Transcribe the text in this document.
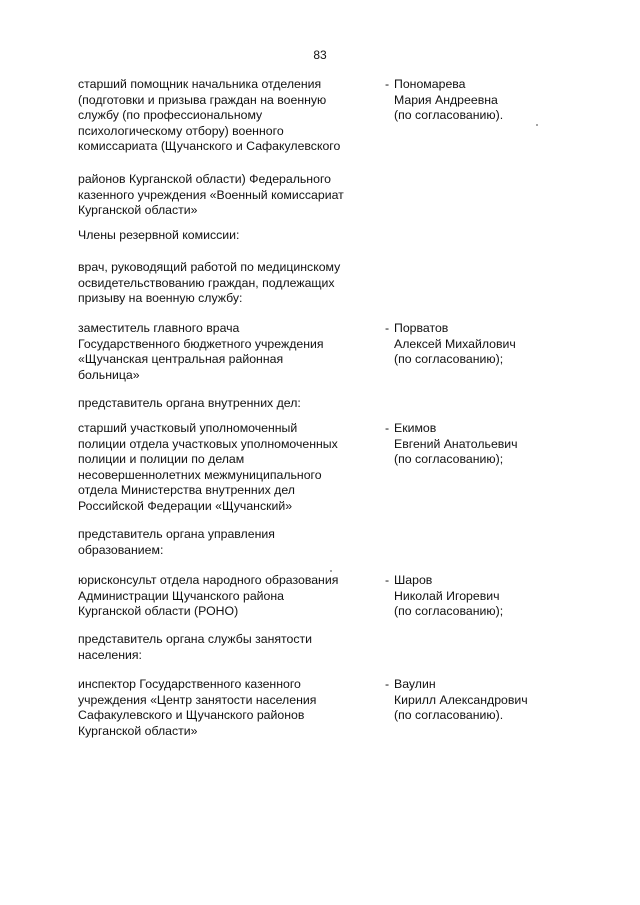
83
старший помощник начальника отделения
(подготовки и призыва граждан на военную
службу (по профессиональному
психологическому отбору) военного
комиссариата (Щучанского и Сафакулевского
- Пономарева
Мария Андреевна
(по согласованию).
районов Курганской области) Федерального
казенного учреждения «Военный комиссариат
Курганской области»
Члены резервной комиссии:
врач, руководящий работой по медицинскому
освидетельствованию граждан, подлежащих
призыву на военную службу:
заместитель главного врача
Государственного бюджетного учреждения
«Щучанская центральная районная
больница»
- Порватов
Алексей Михайлович
(по согласованию);
представитель органа внутренних дел:
старший участковый уполномоченный
полиции отдела участковых уполномоченных
полиции и полиции по делам
несовершеннолетних межмуниципального
отдела Министерства внутренних дел
Российской Федерации «Щучанский»
- Екимов
Евгений Анатольевич
(по согласованию);
представитель органа управления
образованием:
юрисконсульт отдела народного образования
Администрации Щучанского района
Курганской области (РОНО)
- Шаров
Николай Игоревич
(по согласованию);
представитель органа службы занятости
населения:
инспектор Государственного казенного
учреждения «Центр занятости населения
Сафакулевского и Щучанского районов
Курганской области»
- Ваулин
Кирилл Александрович
(по согласованию).
